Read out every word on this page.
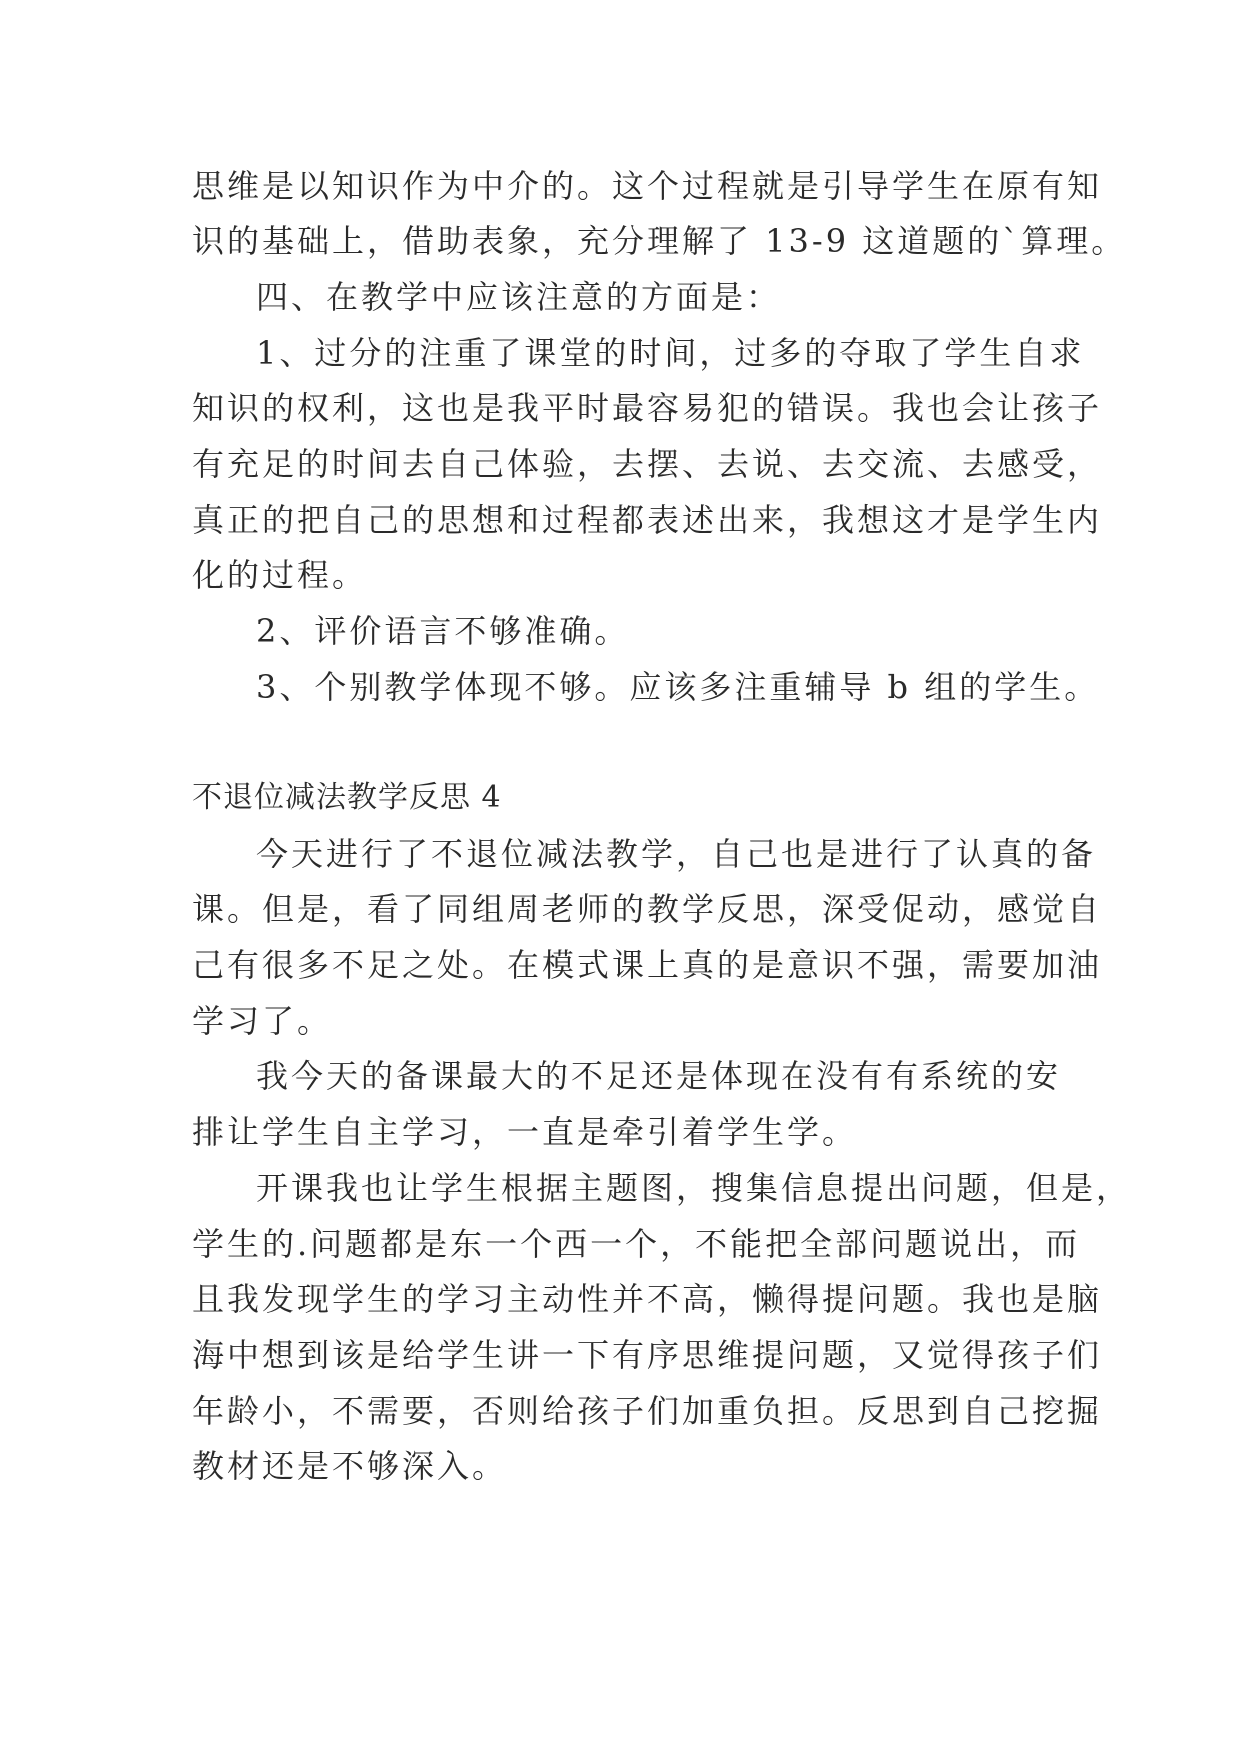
思维是以知识作为中介的。这个过程就是引导学生在原有知
识的基础上，借助表象，充分理解了 13-9 这道题的`算理。
四、在教学中应该注意的方面是：
1、过分的注重了课堂的时间，过多的夺取了学生自求
知识的权利，这也是我平时最容易犯的错误。我也会让孩子
有充足的时间去自己体验，去摆、去说、去交流、去感受，
真正的把自己的思想和过程都表述出来，我想这才是学生内
化的过程。
2、评价语言不够准确。
3、个别教学体现不够。应该多注重辅导 b 组的学生。
不退位减法教学反思 4
今天进行了不退位减法教学，自己也是进行了认真的备
课。但是，看了同组周老师的教学反思，深受促动，感觉自
己有很多不足之处。在模式课上真的是意识不强，需要加油
学习了。
我今天的备课最大的不足还是体现在没有有系统的安
排让学生自主学习，一直是牵引着学生学。
开课我也让学生根据主题图，搜集信息提出问题，但是，
学生的.问题都是东一个西一个，不能把全部问题说出，而
且我发现学生的学习主动性并不高，懒得提问题。我也是脑
海中想到该是给学生讲一下有序思维提问题，又觉得孩子们
年龄小，不需要，否则给孩子们加重负担。反思到自己挖掘
教材还是不够深入。
